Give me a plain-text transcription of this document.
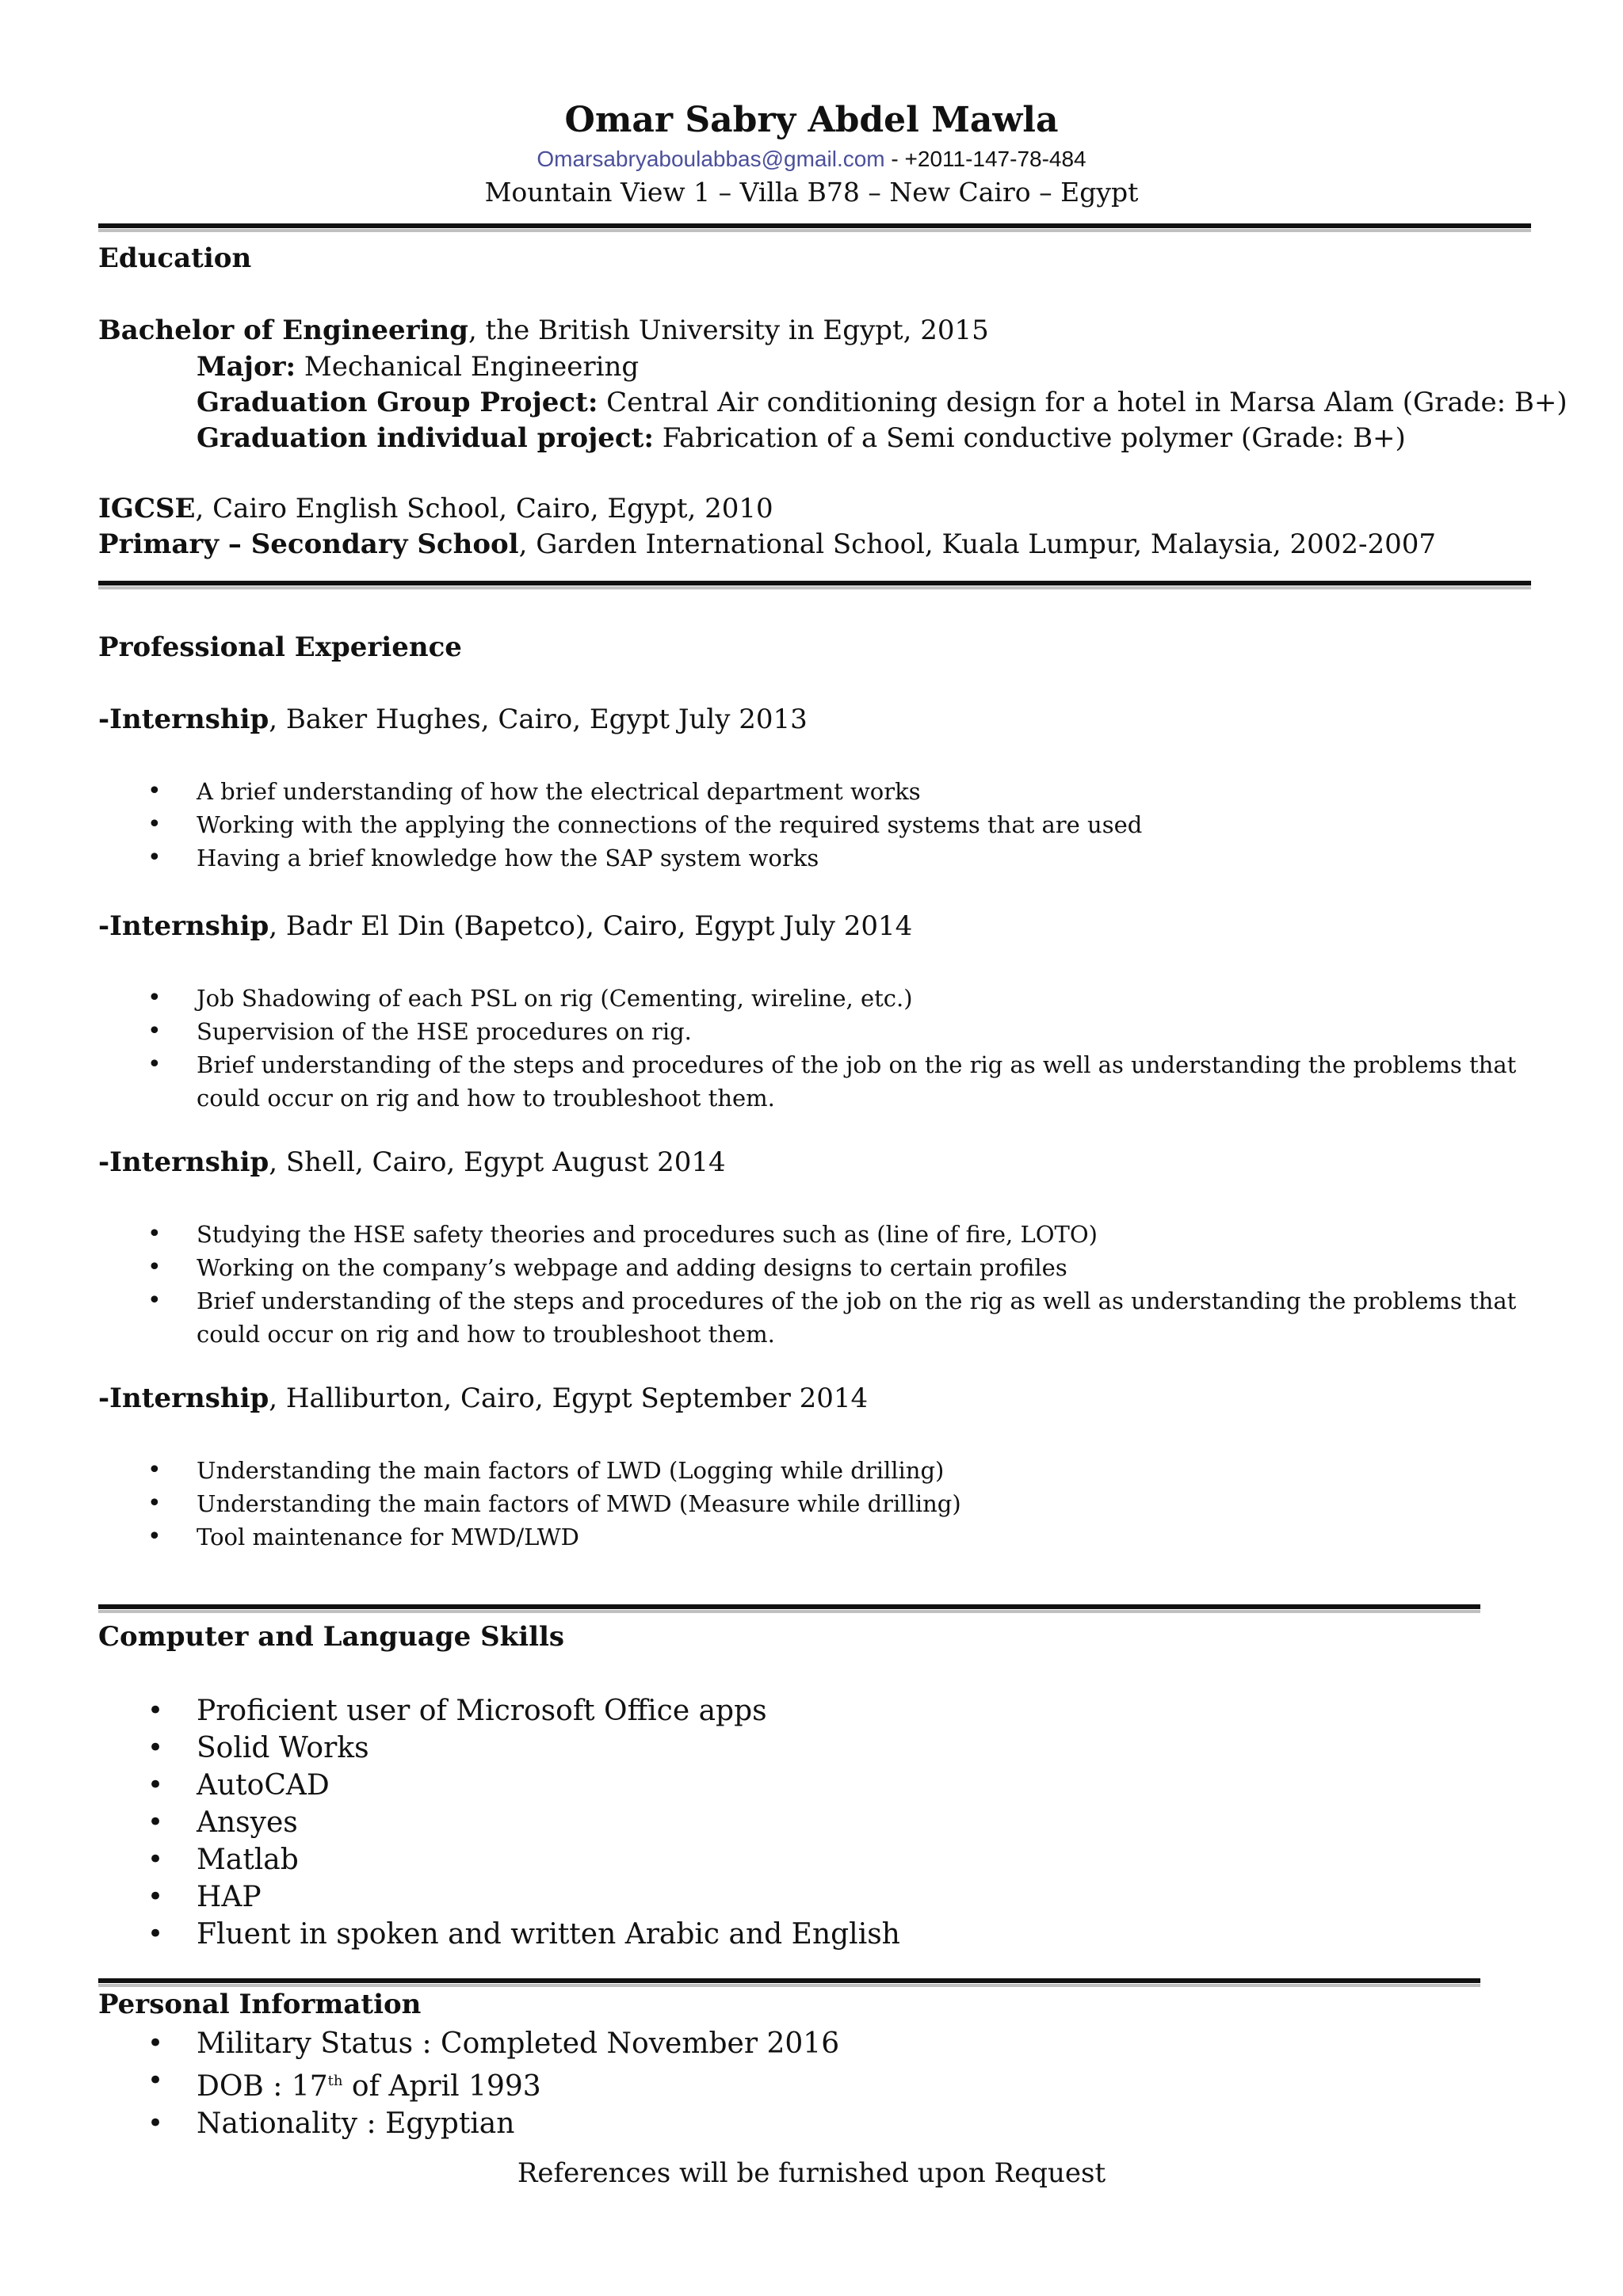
Omar Sabry Abdel Mawla
Omarsabryaboulabbas@gmail.com - +2011-147-78-484
Mountain View 1 – Villa B78 – New Cairo – Egypt
Education
Bachelor of Engineering, the British University in Egypt, 2015
Major: Mechanical Engineering
Graduation Group Project: Central Air conditioning design for a hotel in Marsa Alam (Grade: B+)
Graduation individual project: Fabrication of a Semi conductive polymer (Grade: B+)
IGCSE, Cairo English School, Cairo, Egypt, 2010
Primary – Secondary School, Garden International School, Kuala Lumpur, Malaysia, 2002-2007
Professional Experience
-Internship, Baker Hughes, Cairo, Egypt July 2013
• A brief understanding of how the electrical department works
• Working with the applying the connections of the required systems that are used
• Having a brief knowledge how the SAP system works
-Internship, Badr El Din (Bapetco), Cairo, Egypt July 2014
• Job Shadowing of each PSL on rig (Cementing, wireline, etc.)
• Supervision of the HSE procedures on rig.
• Brief understanding of the steps and procedures of the job on the rig as well as understanding the problems that could occur on rig and how to troubleshoot them.
-Internship, Shell, Cairo, Egypt August 2014
• Studying the HSE safety theories and procedures such as (line of fire, LOTO)
• Working on the company’s webpage and adding designs to certain profiles
• Brief understanding of the steps and procedures of the job on the rig as well as understanding the problems that could occur on rig and how to troubleshoot them.
-Internship, Halliburton, Cairo, Egypt September 2014
• Understanding the main factors of LWD (Logging while drilling)
• Understanding the main factors of MWD (Measure while drilling)
• Tool maintenance for MWD/LWD
Computer and Language Skills
• Proficient user of Microsoft Office apps
• Solid Works
• AutoCAD
• Ansyes
• Matlab
• HAP
• Fluent in spoken and written Arabic and English
Personal Information
• Military Status : Completed November 2016
• DOB : 17th of April 1993
• Nationality : Egyptian
References will be furnished upon Request
